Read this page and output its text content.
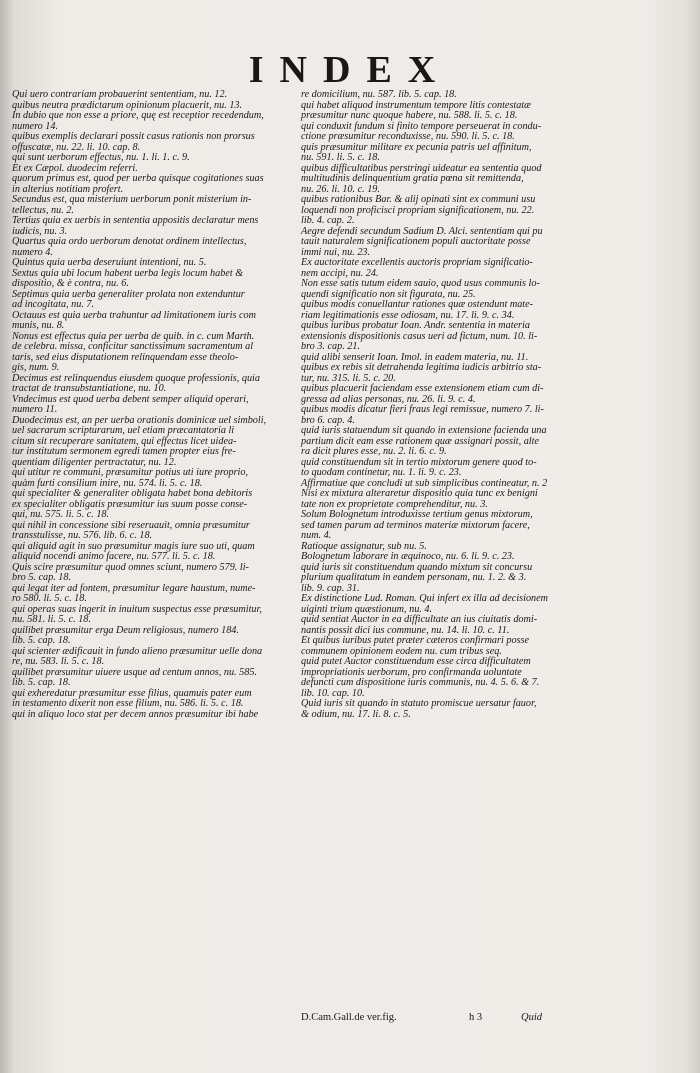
INDEX

Qui uero contrariam probauerint sententiam, nu. 12.

quibus neutra prædictarum opinionum placuerit, nu. 13.

In dubio que non esse a priore, quę est receptior recedendum,
numero 14.

quibus exemplis declarari possit casus rationis non prorsus
offuscatæ, nu. 22. li. 10. cap. 8.

qui sunt uerborum effectus, nu. 1. li. 1. c. 9.

Et ex Cæpol. duodecim referri.

quorum primus est, quod per uerba quisque cogitationes suas
in alterius notitiam profert.

Secundus est, qua misterium uerborum ponit misterium in-
tellectus, nu. 2.

Tertius quia ex uerbis in sententia appositis declaratur mens
iudicis, nu. 3.

Quartus quia ordo uerborum denotat ordinem intellectus,
numero 4.

Quintus quia uerba deseruiunt intentioni, nu. 5.

Sextus quia ubi locum habent uerba legis locum habet &
dispositio, & è contra, nu. 6.

Septimus quia uerba generaliter prolata non extenduntur
ad incogitata, nu. 7.

Octauus est quia uerba trahuntur ad limitationem iuris com
munis, nu. 8.

Nonus est effectus quia per uerba de quib. in c. cum Marth.
de celebra. missa, conficitur sanctissimum sacramentum al
taris, sed eius disputationem relinquendam esse theolo-
gis, num. 9.

Decimus est relinquendus eiusdem quoque professionis, quia
tractat de transubstantiatione, nu. 10.

Vndecimus est quod uerba debent semper aliquid operari,
numero 11.

Duodecimus est, an per uerba orationis dominicæ uel simboli,
uel sacrarum scripturarum, uel etiam præcantatoria li
citum sit recuperare sanitatem, qui effectus licet uidea-
tur institutum sermonem egredi tamen propter eius fre-
quentiam diligenter pertractatur, nu. 12.

qui utitur re communi, præsumitur potius uti iure proprio,
quàm furti consilium inire, nu. 574. li. 5. c. 18.

qui specialiter & generaliter obligata habet bona debitoris
ex specialiter obligatis præsumitur ius suum posse conse-
qui, nu. 575. li. 5. c. 18.

qui nihil in concessione sibi reseruauit, omnia præsumitur
transstulisse, nu. 576. lib. 6. c. 18.

qui aliquid agit in suo præsumitur magis iure suo uti, quam
aliquid nocendi animo facere, nu. 577. li. 5. c. 18.

Quis scire præsumitur quod omnes sciunt, numero 579. li-
bro 5. cap. 18.

qui legat iter ad fontem, præsumitur legare haustum, nume-
ro 580. li. 5. c. 18.

qui operas suas ingerit in inuitum suspectus esse præsumitur,
nu. 581. li. 5. c. 18.

quilibet præsumitur erga Deum religiosus, numero 184.
lib. 5. cap. 18.

qui scienter ædificauit in fundo alieno præsumitur uelle dona
re, nu. 583. li. 5. c. 18.

quilibet præsumitur uiuere usque ad centum annos, nu. 585.
lib. 5. cap. 18.

qui exheredatur præsumitur esse filius, quamuis pater eum
in testamento dixerit non esse filium, nu. 586. li. 5. c. 18.

qui in aliquo loco stat per decem annos præsumitur ibi habe

re domicilium, nu. 587. lib. 5. cap. 18.

qui habet aliquod instrumentum tempore litis contestatæ
præsumitur nunc quoque habere, nu. 588. li. 5. c. 18.

qui conduxit fundum si finito tempore perseuerat in condu-
ctione præsumitur reconduxisse, nu. 590. li. 5. c. 18.

quis præsumitur militare ex pecunia patris uel affinitum,
nu. 591. li. 5. c. 18.

quibus difficultatibus perstringi uideatur ea sententia quod
multitudinis delinquentium gratia pœna sit remittenda,
nu. 26. li. 10. c. 19.

quibus rationibus Bar. & alij opinati sint ex communi usu
loquendi non proficisci propriam significationem, nu. 22.
lib. 4. cap. 2.

Aegre defendi secundum Sadium D. Alci. sententiam qui pu
tauit naturalem significationem populi auctoritate posse
immi nui, nu. 23.

Ex auctoritate excellentis auctoris propriam significatio-
nem accipi, nu. 24.

Non esse satis tutum eidem sauio, quod usus communis lo-
quendi significatio non sit figurata, nu. 25.

quibus modis conuellantur rationes quæ ostendunt mate-
riam legitimationis esse odiosam, nu. 17. li. 9. c. 34.

quibus iuribus probatur Ioan. Andr. sententia in materia
extensionis dispositionis casus ueri ad fictum, num. 10. li-
bro 3. cap. 21.

quid alibi senserit Ioan. Imol. in eadem materia, nu. 11.

quibus ex rebis sit detrahenda legitima iudicis arbitrio sta-
tur, nu. 315. li. 5. c. 20.

quibus placuerit faciendam esse extensionem etiam cum di-
gressa ad alias personas, nu. 26. li. 9. c. 4.

quibus modis dicatur fieri fraus legi remissue, numero 7. li-
bro 6. cap. 4.

quid iuris statuendum sit quando in extensione facienda una
partium dicit eam esse rationem quæ assignari possit, alte
ra dicit plures esse, nu. 2. li. 6. c. 9.

quid constituendum sit in tertio mixtorum genere quod to-
to quodam continetur, nu. 1. li. 9. c. 23.

Affirmatiue que concludi ut sub simplicibus contineatur, n. 2

Nisi ex mixtura alteraretur dispositio quia tunc ex benigni
tate non ex proprietate comprehenditur, nu. 3.

Solum Bolognetum introduxisse tertium genus mixtorum,
sed tamen parum ad terminos materiæ mixtorum facere,
num. 4.

Ratioque assignatur, sub nu. 5.

Bolognetum laborare in æquinoco, nu. 6. li. 9. c. 23.

quid iuris sit constituendum quando mixtum sit concursu
plurium qualitatum in eandem personam, nu. 1. 2. & 3.
lib. 9. cap. 31.

Ex distinctione Lud. Roman. Qui infert ex illa ad decisionem
uiginti trium quæstionum, nu. 4.

quid sentiat Auctor in ea difficultate an ius ciuitatis domi-
nantis possit dici ius commune, nu. 14. li. 10. c. 11.

Et quibus iuribus putet præter cæteros confirmari posse
communem opinionem eodem nu. cum tribus seq.

quid putet Auctor constituendum esse circa difficultatem
impropriationis uerborum, pro confirmanda uoluntate
defuncti cum dispositione iuris communis, nu. 4. 5. 6. & 7.
lib. 10. cap. 10.

Quid iuris sit quando in statuto promiscue uersatur fauor,
& odium, nu. 17. li. 8. c. 5.

D.Cam.Gall.de ver.fig.	h 3	Quid
